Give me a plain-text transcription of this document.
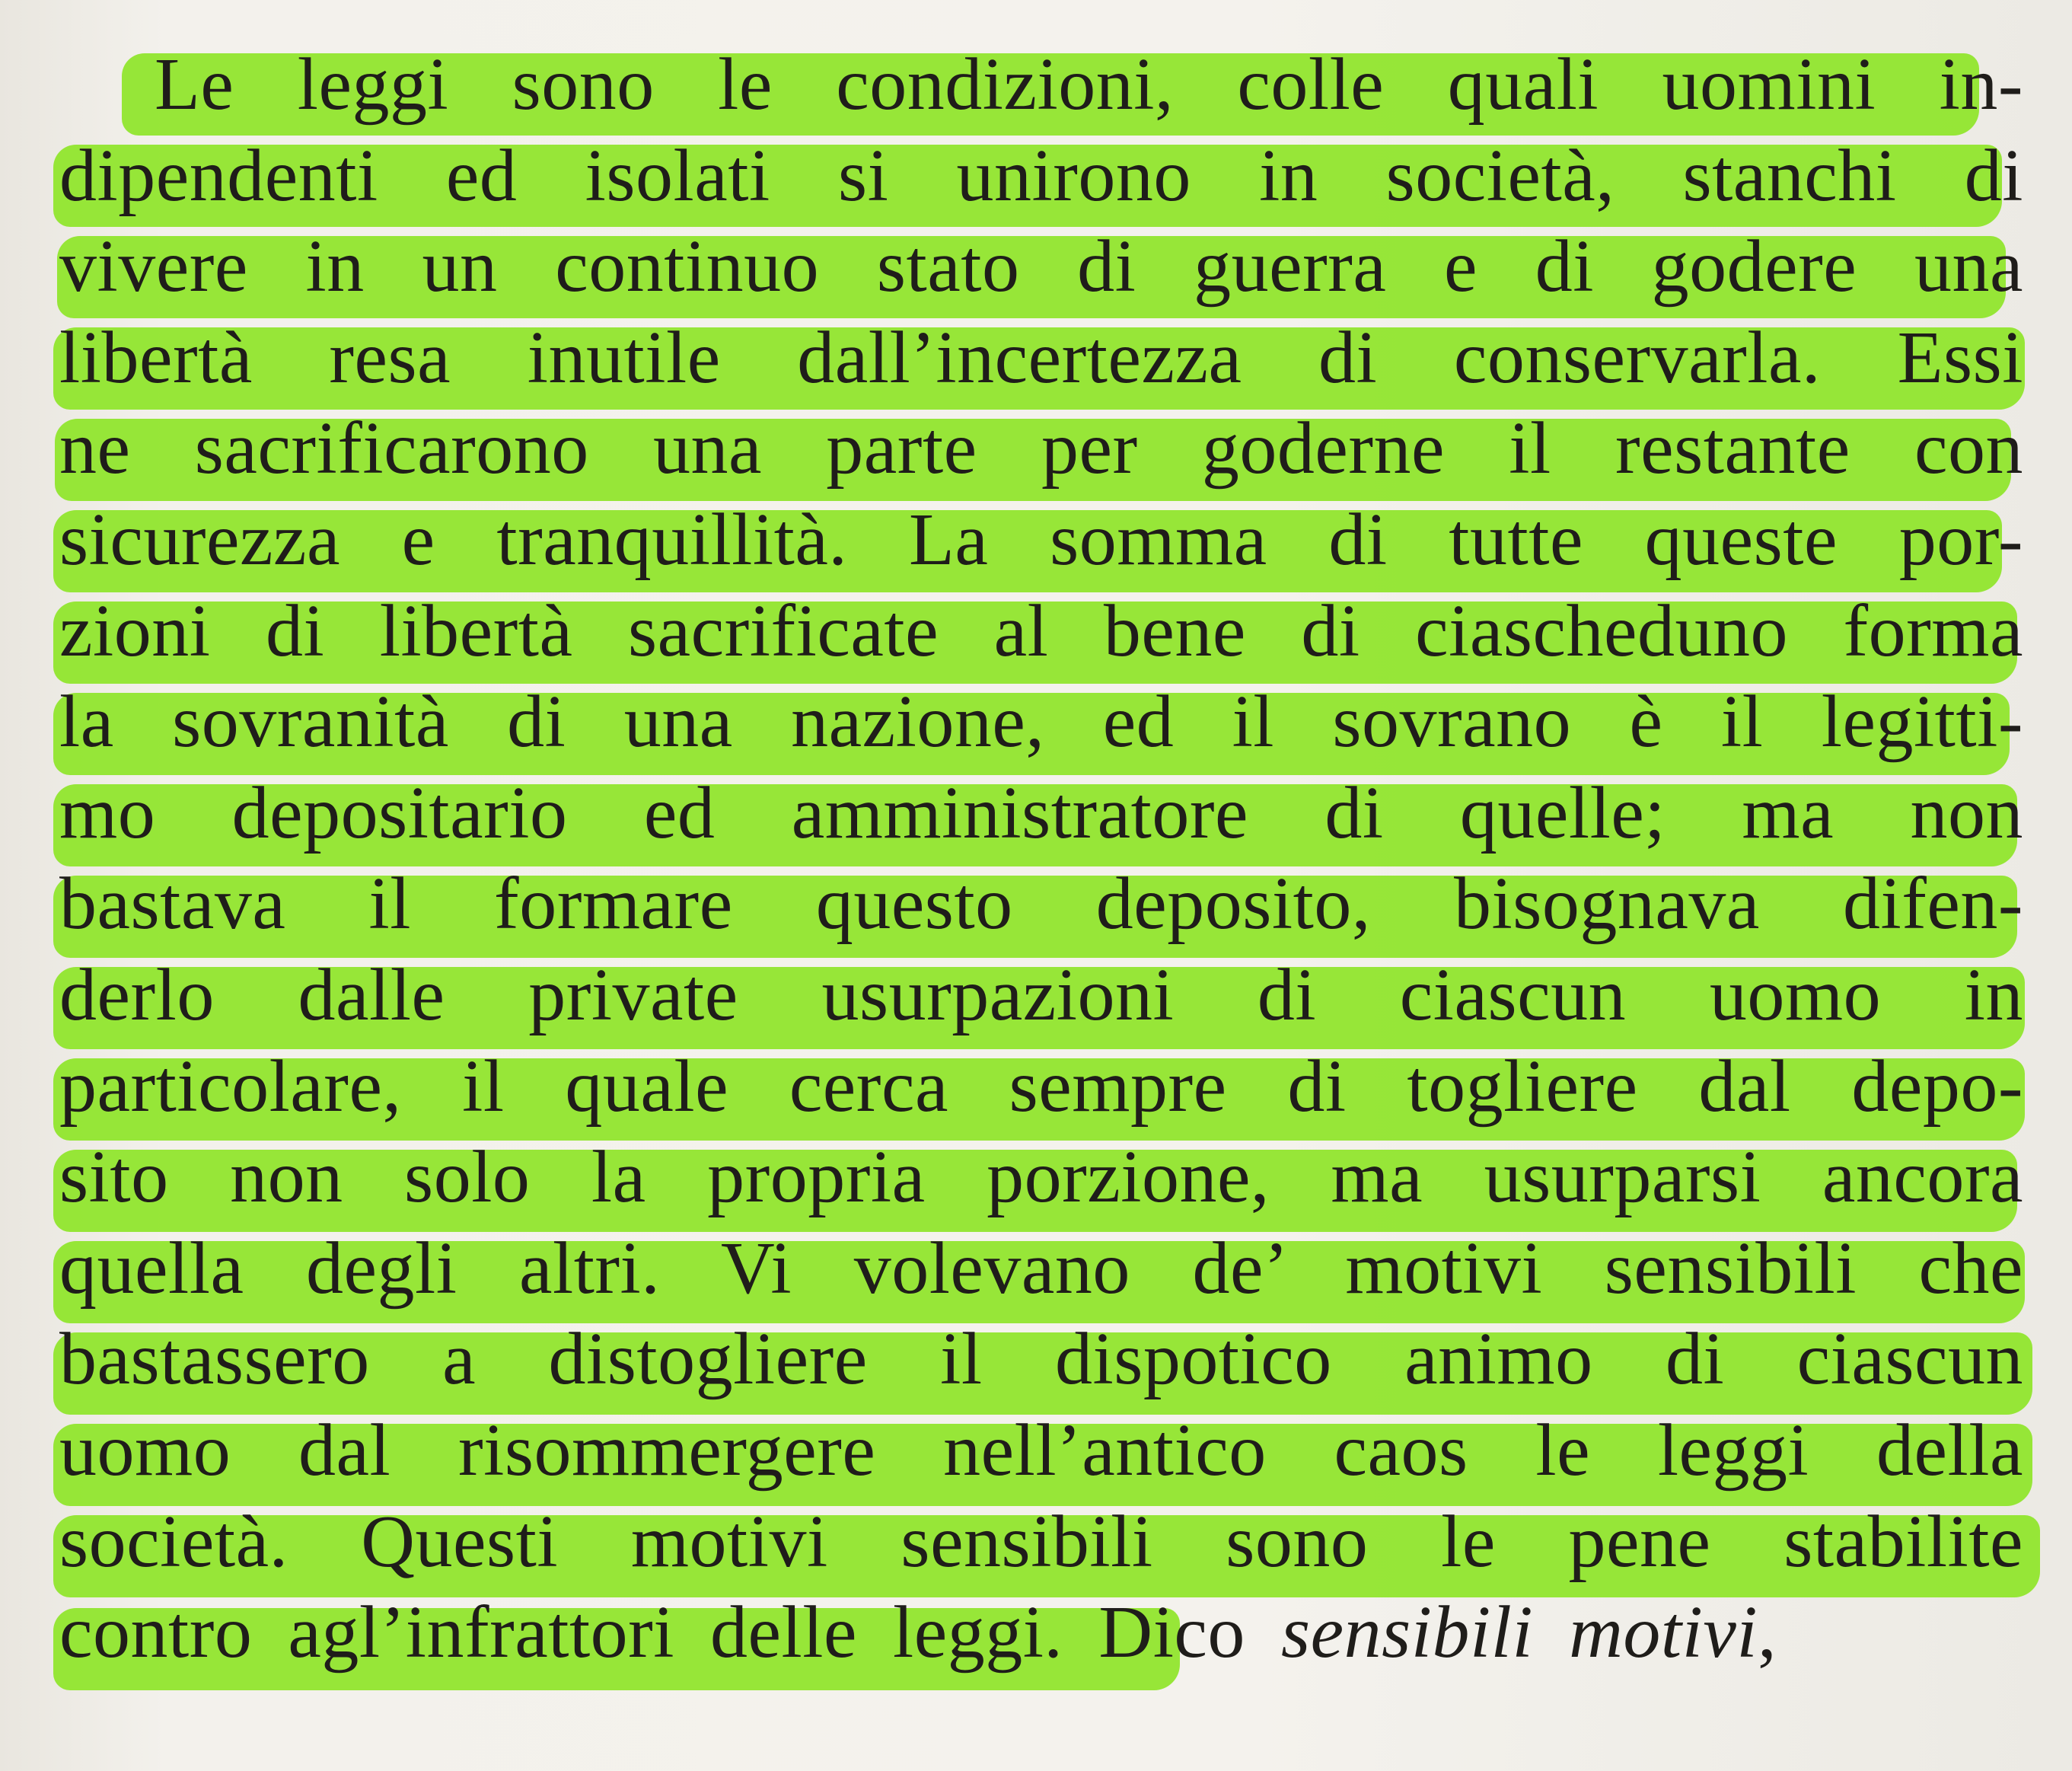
Le leggi sono le condizioni, colle quali uomini in-
dipendenti ed isolati si unirono in società, stanchi di
vivere in un continuo stato di guerra e di godere una
libertà resa inutile dall’incertezza di conservarla. Essi
ne sacrificarono una parte per goderne il restante con
sicurezza e tranquillità. La somma di tutte queste por-
zioni di libertà sacrificate al bene di ciascheduno forma
la sovranità di una nazione, ed il sovrano è il legitti-
mo depositario ed amministratore di quelle; ma non
bastava il formare questo deposito, bisognava difen-
derlo dalle private usurpazioni di ciascun uomo in
particolare, il quale cerca sempre di togliere dal depo-
sito non solo la propria porzione, ma usurparsi ancora
quella degli altri. Vi volevano de’ motivi sensibili che
bastassero a distogliere il dispotico animo di ciascun
uomo dal risommergere nell’antico caos le leggi della
società. Questi motivi sensibili sono le pene stabilite
contro agl’infrattori delle leggi. Dico sensibili motivi,
